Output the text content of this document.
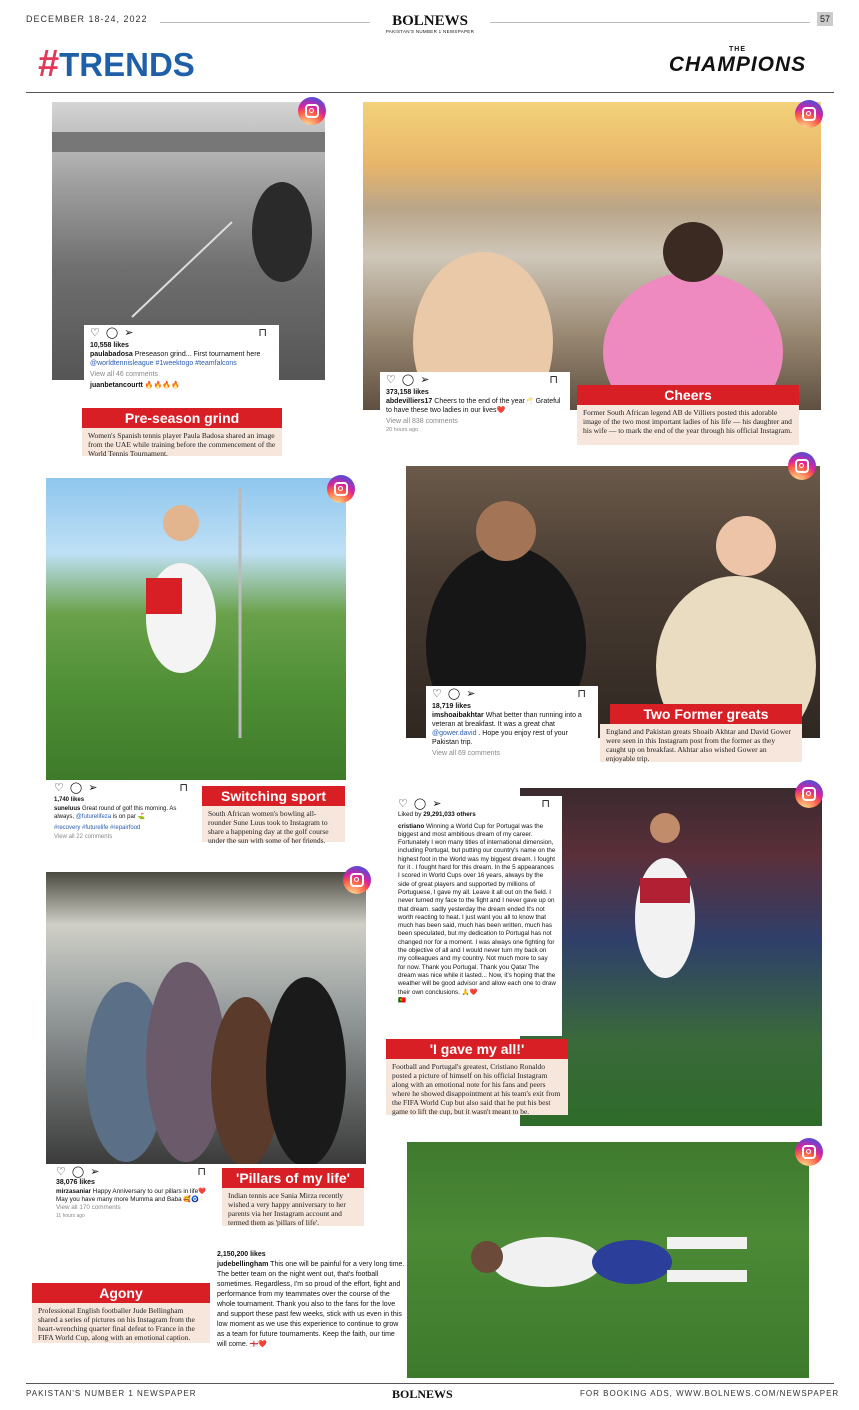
DECEMBER 18-24, 2022	BOLNEWS
PAKISTAN'S NUMBER 1 NEWSPAPER
57
#TRENDS	THE
CHAMPIONS
♡◯➢	⊓
10,558 likes
paulabadosa Preseason grind... First tournament here @worldtennisleague #1weektogo #teamfalcons
View all 46 comments
juanbetancourtt 🔥🔥🔥🔥
Pre-season grind
Women's Spanish tennis player Paula Badosa shared an image from the UAE while training before the commencement of the World Tennis Tournament.
♡◯➢	⊓
373,158 likes
abdevilliers17 Cheers to the end of the year🥂 Grateful to have these two ladies in our lives❤️
View all 838 comments
20 hours ago
Cheers
Former South African legend AB de Villiers posted this adorable image of the two most important ladies of his life — his daughter and his wife — to mark the end of the year through his official Instagram.
♡◯➢	⊓
1,740 likes
sunelu​us Great round of golf this morning. As always, @futurelifeza is on par ⛳
#recovery #futurelife #repairfood
View all 22 comments
Switching sport
South African women's bowling all-rounder Sune Luus took to Instagram to share a happening day at the golf course under the sun with some of her friends.
♡◯➢	⊓
18,719 likes
imshoaibakhtar What better than running into a veteran at breakfast. It was a great chat @gower.david . Hope you enjoy rest of your Pakistan trip.
View all 69 comments
Two Former greats
England and Pakistan greats Shoaib Akhtar and David Gower were seen in this Instagram post from the former as they caught up on breakfast. Akhtar also wished Gower an enjoyable trip.
♡◯➢	⊓
Liked by 29,291,033 others
cristiano Winning a World Cup for Portugal was the biggest and most ambitious dream of my career. Fortunately I won many titles of international dimension, including Portugal, but putting our country's name on the highest foot in the World was my biggest dream. I fought for it . I fought hard for this dream. In the 5 appearances I scored in World Cups over 16 years, always by the side of great players and supported by millions of Portuguese, I gave my all. Leave it all out on the field. I never turned my face to the fight and I never gave up on that dream. sadly yesterday the dream ended It's not worth reacting to heat. I just want you all to know that much has been said, much has been written, much has been speculated, but my dedication to Portugal has not changed nor for a moment. I was always one fighting for the objective of all and I would never turn my back on my colleagues and my country. Not much more to say for now. Thank you Portugal. Thank you Qatar The dream was nice while it lasted... Now, it's hoping that the weather will be good advisor and allow each one to draw their own conclusions. 🙏❤️
🇵🇹
'I gave my all!'
Football and Portugal's greatest, Cristiano Ronaldo posted a picture of himself on his official Instagram along with an emotional note for his fans and peers where he showed disappointment at his team's exit from the FIFA World Cup but also said that he put his best game to lift the cup, but it wasn't meant to be.
♡◯➢	⊓
38,076 likes
mirzasaniar Happy Anniversary to our pillars in life❤️ May you have many more Mumma and Baba 🥰🧿
View all 170 comments
11 hours ago
'Pillars of my life'
Indian tennis ace Sania Mirza recently wished a very happy anniversary to her parents via her Instagram account and termed them as 'pillars of life'.
2,150,200 likes
judebellingham This one will be painful for a very long time. The better team on the night went out, that's football sometimes. Regardless, I'm so proud of the effort, fight and performance from my teammates over the course of the whole tournament. Thank you also to the fans for the love and support these past few weeks, stick with us even in this low moment as we use this experience to continue to grow as a team for future tournaments. Keep the faith, our time will come. 🏴󠁧󠁢󠁥󠁮󠁧󠁿❤️
Agony
Professional English footballer Jude Bellingham shared a series of pictures on his Instagram from the heart-wrenching quarter final defeat to France in the FIFA World Cup, along with an emotional caption.
PAKISTAN'S NUMBER 1 NEWSPAPER	BOLNEWS	FOR BOOKING ADS, WWW.BOLNEWS.COM/NEWSPAPER
